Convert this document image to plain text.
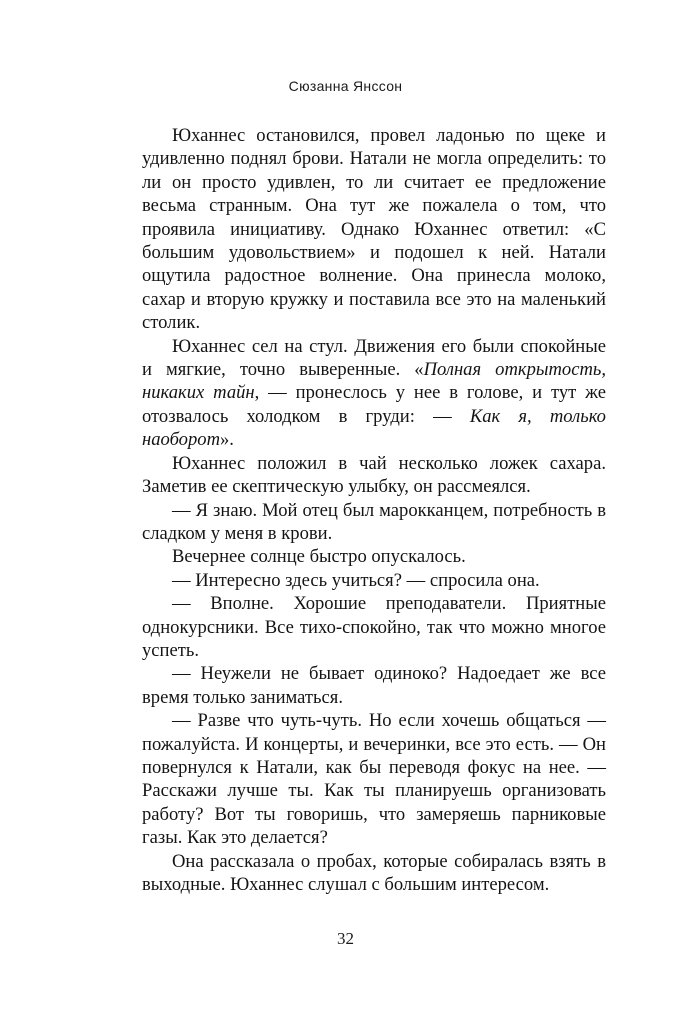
Сюзанна Янссон

Юханнес остановился, провел ладонью по щеке и удивленно поднял брови. Натали не могла определить: то ли он просто удивлен, то ли считает ее предложение весьма странным. Она тут же пожалела о том, что проявила инициативу. Однако Юханнес ответил: «С большим удовольствием» и подошел к ней. Натали ощутила радостное волнение. Она принесла молоко, сахар и вторую кружку и поставила все это на маленький столик.

Юханнес сел на стул. Движения его были спокойные и мягкие, точно выверенные. «Полная открытость, никаких тайн, — пронеслось у нее в голове, и тут же отозвалось холодком в груди: — Как я, только наоборот».

Юханнес положил в чай несколько ложек сахара. Заметив ее скептическую улыбку, он рассмеялся.

— Я знаю. Мой отец был марокканцем, потребность в сладком у меня в крови.

Вечернее солнце быстро опускалось.

— Интересно здесь учиться? — спросила она.

— Вполне. Хорошие преподаватели. Приятные однокурсники. Все тихо-спокойно, так что можно многое успеть.

— Неужели не бывает одиноко? Надоедает же все время только заниматься.

— Разве что чуть-чуть. Но если хочешь общаться — пожалуйста. И концерты, и вечеринки, все это есть. — Он повернулся к Натали, как бы переводя фокус на нее. — Расскажи лучше ты. Как ты планируешь организовать работу? Вот ты говоришь, что замеряешь парниковые газы. Как это делается?

Она рассказала о пробах, которые собиралась взять в выходные. Юханнес слушал с большим интересом.

32
